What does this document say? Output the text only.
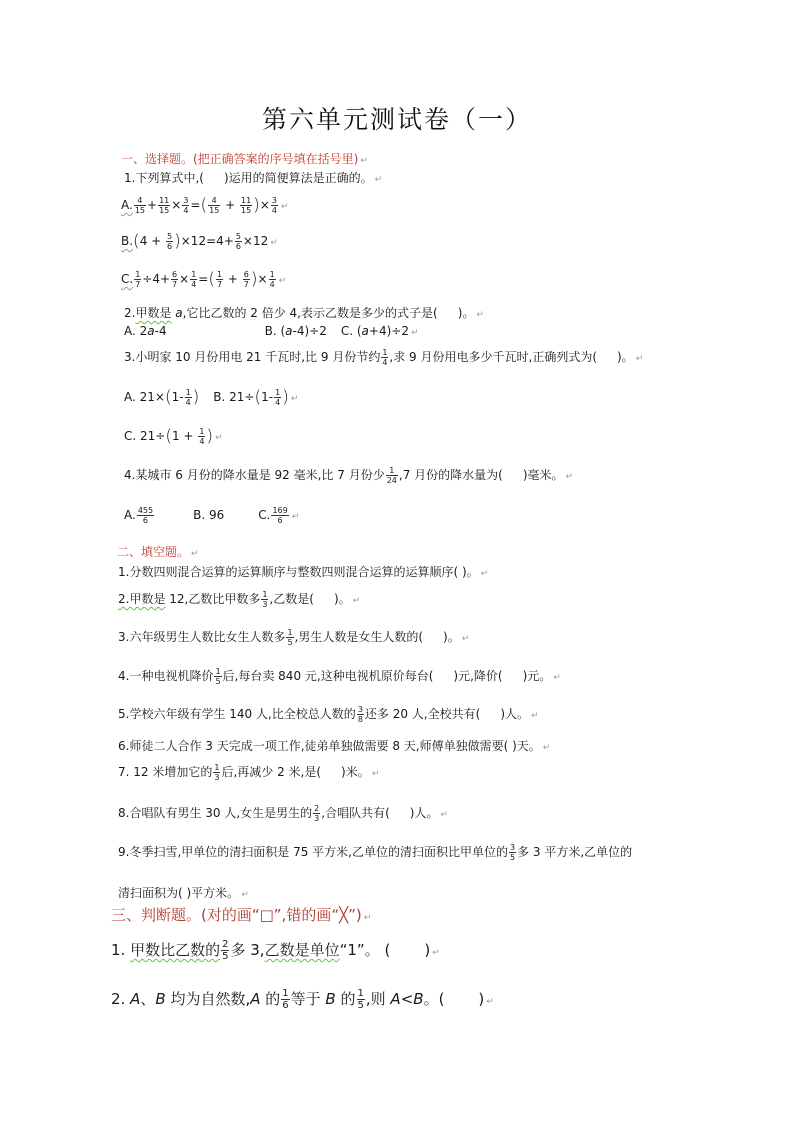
第六单元测试卷（一）
一、选择题。(把正确答案的序号填在括号里) ↵
1.下列算式中,( )运用的简便算法是正确的。 ↵
A. $\frac{4}{15} + \frac{11}{15} \times \frac{3}{4}$ =( $\frac{4}{15} + \frac{11}{15}$ )× $\frac{3}{4}$ ↵
$B.(4 + \frac{5}{6} )\times 12=4+ \frac{5}{6} \times 12$ ↵
C. $\frac{1}{7} \div 4+ \frac{6}{7} \times \frac{1}{4}$ =( $\frac{1}{7} + \frac{6}{7}$ )× $\frac{1}{4}$ ↵
2.甲数是 a,它比乙数的 2 倍少 4,表示乙数是多少的式子是( )。 ↵
A. 2a-4	B. (a-4)÷2 C. (a+4)÷2 ↵
3.小明家 10 月份用电 21 千瓦时,比 9 月份节约 $\frac{1}{4}$ ,求 9 月份用电多少千瓦时,正确列式为( )。 ↵
A. $21\times(1- \frac{1}{4}$ ) B. $21\div(1- \frac{1}{4}$ ) ↵
C. $21\div(1 + \frac{1}{4}$ ) ↵
4.某城市 6 月份的降水量是 92 毫米,比 7 月份少 $\frac{1}{24} ,7$ 月份的降水量为( )毫米。 ↵
A. $\frac{455}{6}$	B. 96	C. $\frac{169}{6}$ ↵
二、填空题。 ↵
1.分数四则混合运算的运算顺序与整数四则混合运算的运算顺序( )。 ↵
2.甲数是 12,乙数比甲数多 $\frac{1}{3}$ ,乙数是( )。 ↵
3.六年级男生人数比女生人数多 $\frac{1}{5}$ ,男生人数是女生人数的( )。 ↵
4.一种电视机降价 $\frac{1}{5}$ 后,每台卖 840 元,这种电视机原价每台( )元,降价( )元。 ↵
5.学校六年级有学生 140 人,比全校总人数的 $\frac{3}{8}$ 还多 20 人,全校共有( )人。 ↵
6.师徒二人合作 3 天完成一项工作,徒弟单独做需要 8 天,师傅单独做需要( )天。 ↵
7. 12 米增加它的 $\frac{1}{3}$ 后,再减少 2 米,是( )米。 ↵
8.合唱队有男生 30 人,女生是男生的 $\frac{2}{3}$ ,合唱队共有( )人。 ↵
9.冬季扫雪,甲单位的清扫面积是 75 平方米,乙单位的清扫面积比甲单位的 $\frac{3}{5}$ 多 3 平方米,乙单位的
清扫面积为( )平方米。 ↵
三、判断题。(对的画“□”,错的画“╳”) ↵
1. 甲数比乙数的 $\frac{2}{5}$ 多 3,乙数是单位“1”。 ( ) ↵
2. A、B 均为自然数,A 的 $\frac{1}{6}$ 等于 B 的 $\frac{1}{5}$ ,则 A<B。( ) ↵
